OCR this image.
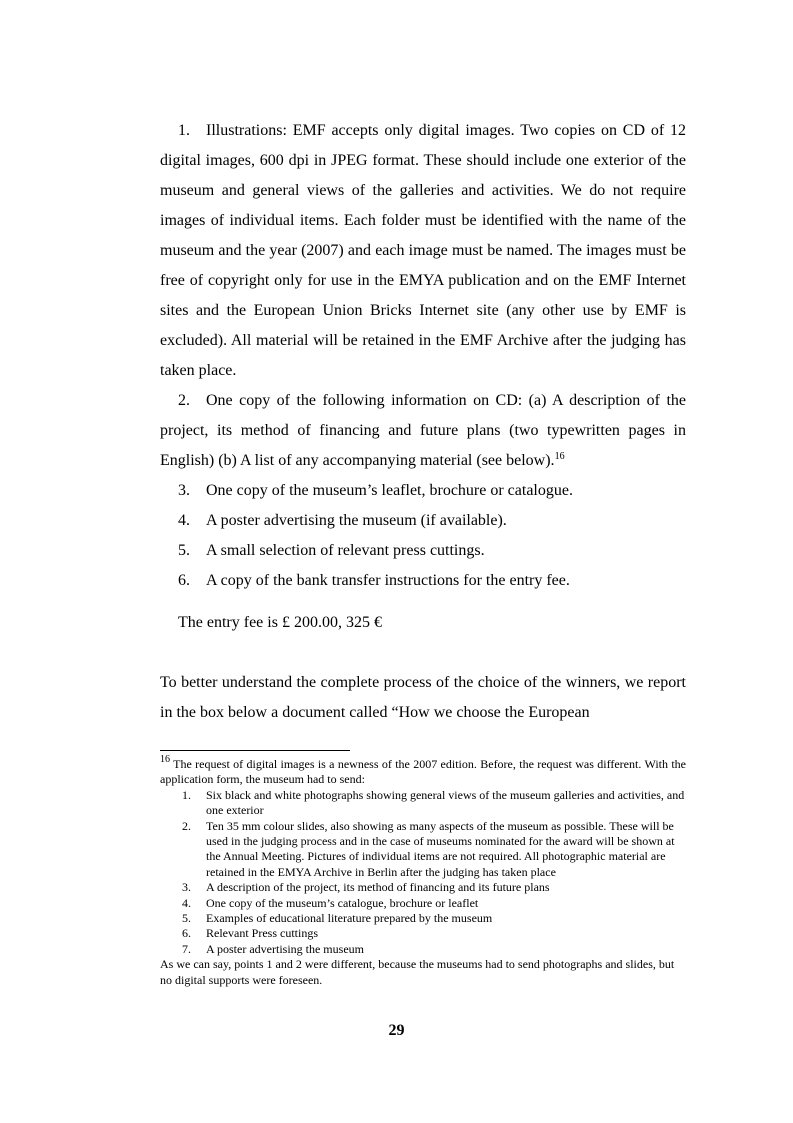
1. Illustrations: EMF accepts only digital images. Two copies on CD of 12 digital images, 600 dpi in JPEG format. These should include one exterior of the museum and general views of the galleries and activities. We do not require images of individual items. Each folder must be identified with the name of the museum and the year (2007) and each image must be named. The images must be free of copyright only for use in the EMYA publication and on the EMF Internet sites and the European Union Bricks Internet site (any other use by EMF is excluded). All material will be retained in the EMF Archive after the judging has taken place.
2. One copy of the following information on CD: (a) A description of the project, its method of financing and future plans (two typewritten pages in English) (b) A list of any accompanying material (see below).$^{16}$
3.	One copy of the museum’s leaflet, brochure or catalogue.
4.	A poster advertising the museum (if available).
5.	A small selection of relevant press cuttings.
6.	A copy of the bank transfer instructions for the entry fee.
The entry fee is £ 200.00, 325 €
To better understand the complete process of the choice of the winners, we report in the box below a document called “How we choose the European
$^{16}$ The request of digital images is a newness of the 2007 edition. Before, the request was different. With the application form, the museum had to send:
1.	Six black and white photographs showing general views of the museum galleries and activities, and one exterior
2.	Ten 35 mm colour slides, also showing as many aspects of the museum as possible. These will be used in the judging process and in the case of museums nominated for the award will be shown at the Annual Meeting. Pictures of individual items are not required. All photographic material are retained in the EMYA Archive in Berlin after the judging has taken place
3.	A description of the project, its method of financing and its future plans
4.	One copy of the museum’s catalogue, brochure or leaflet
5.	Examples of educational literature prepared by the museum
6.	Relevant Press cuttings
7.	A poster advertising the museum
As we can say, points 1 and 2 were different, because the museums had to send photographs and slides, but no digital supports were foreseen.
29
